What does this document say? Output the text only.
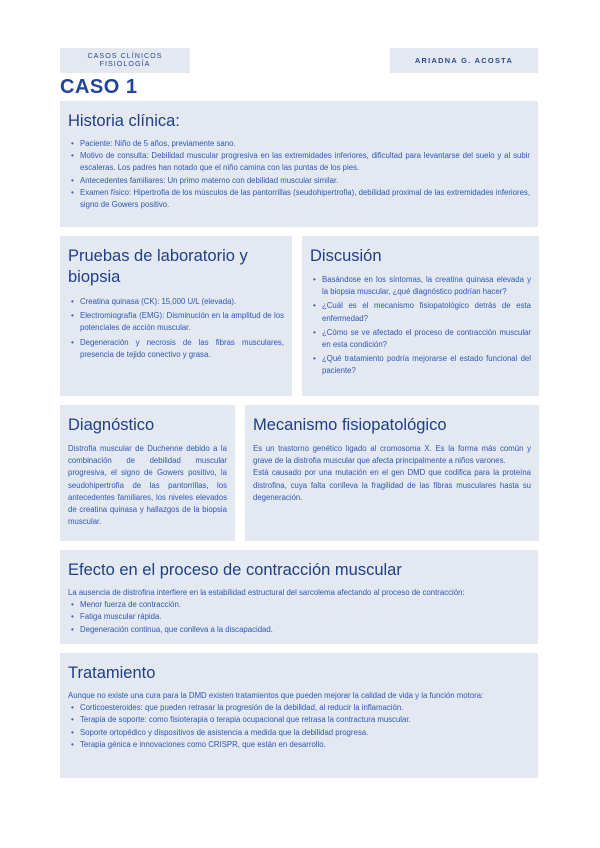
CASOS CLÍNICOS
FISIOLOGÍA	ARIADNA G. ACOSTA
CASO 1
Historia clínica:
• Paciente: Niño de 5 años, previamente sano.
• Motivo de consulta: Debilidad muscular progresiva en las extremidades inferiores, dificultad para levantarse del suelo y al subir escaleras. Los padres han notado que el niño camina con las puntas de los pies.
• Antecedentes familiares: Un primo materno con debilidad muscular similar.
• Examen físico: Hipertrofia de los músculos de las pantorrillas (seudohipertrofia), debilidad proximal de las extremidades inferiores, signo de Gowers positivo.
Pruebas de laboratorio y biopsia
• Creatina quinasa (CK): 15,000 U/L (elevada).
• Electromiografía (EMG): Disminución en la amplitud de los potenciales de acción muscular.
• Degeneración y necrosis de las fibras musculares, presencia de tejido conectivo y grasa.
Discusión
• Basándose en los síntomas, la creatina quinasa elevada y la biopsia muscular, ¿qué diagnóstico podrían hacer?
• ¿Cuál es el mecanismo fisiopatológico detrás de esta enfermedad?
• ¿Cómo se ve afectado el proceso de contracción muscular en esta condición?
• ¿Qué tratamiento podría mejorarse el estado funcional del paciente?
Diagnóstico

Distrofia muscular de Duchenne debido a la combinación de debilidad muscular progresiva, el signo de Gowers positivo, la seudohipertrofia de las pantorrillas, los antecedentes familiares, los niveles elevados de creatina quinasa y hallazgos de la biopsia muscular.

Mecanismo fisiopatológico

Es un trastorno genético ligado al cromosoma X. Es la forma más común y grave de la distrofia muscular que afecta principalmente a niños varones.

Está causado por una mutación en el gen DMD que codifica para la proteína distrofina, cuya falta conlleva la fragilidad de las fibras musculares hasta su degeneración.

Efecto en el proceso de contracción muscular

La ausencia de distrofina interfiere en la estabilidad estructural del sarcolema afectando al proceso de contracción:

• Menor fuerza de contracción.
• Fatiga muscular rápida.
• Degeneración continua, que conlleva a la discapacidad.
Tratamiento

Aunque no existe una cura para la DMD existen tratamientos que pueden mejorar la calidad de vida y la función motora:

• Corticoesteroides: que pueden retrasar la progresión de la debilidad, al reducir la inflamación.
• Terapia de soporte: como fisioterapia o terapia ocupacional que retrasa la contractura muscular.
• Soporte ortopédico y dispositivos de asistencia a medida que la debilidad progresa.
• Terapia génica e innovaciones como CRISPR, que están en desarrollo.
